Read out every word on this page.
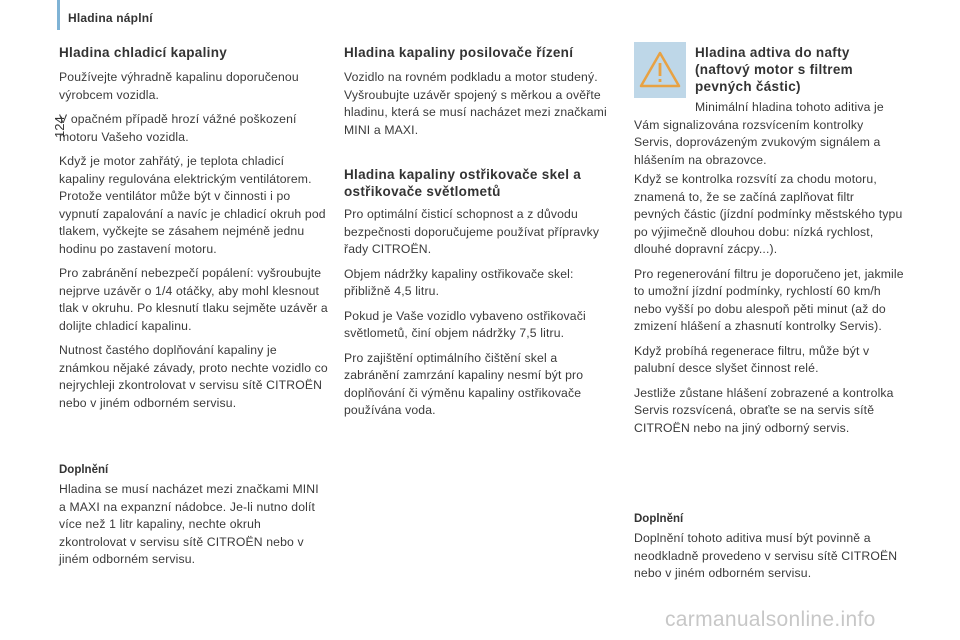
Hladina náplní
124
Hladina chladicí kapaliny

Používejte výhradně kapalinu doporučenou výrobcem vozidla.

V opačném případě hrozí vážné poškození motoru Vašeho vozidla.

Když je motor zahřátý, je teplota chladicí kapaliny regulována elektrickým ventilátorem. Protože ventilátor může být v činnosti i po vypnutí zapalování a navíc je chladicí okruh pod tlakem, vyčkejte se zásahem nejméně jednu hodinu po zastavení motoru.

Pro zabránění nebezpečí popálení: vyšroubujte nejprve uzávěr o 1/4 otáčky, aby mohl klesnout tlak v okruhu. Po klesnutí tlaku sejměte uzávěr a dolijte chladicí kapalinu.

Nutnost častého doplňování kapaliny je známkou nějaké závady, proto nechte vozidlo co nejrychleji zkontrolovat v servisu sítě CITROËN nebo v jiném odborném servisu.

Doplnění

Hladina se musí nacházet mezi značkami MINI a MAXI na expanzní nádobce. Je-li nutno dolít více než 1 litr kapaliny, nechte okruh zkontrolovat v servisu sítě CITROËN nebo v jiném odborném servisu.

Hladina kapaliny posilovače řízení

Vozidlo na rovném podkladu a motor studený. Vyšroubujte uzávěr spojený s měrkou a ověřte hladinu, která se musí nacházet mezi značkami MINI a MAXI.

Hladina kapaliny ostřikovače skel a ostřikovače světlometů

Pro optimální čisticí schopnost a z důvodu bezpečnosti doporučujeme používat přípravky řady CITROËN.

Objem nádržky kapaliny ostřikovače skel: přibližně 4,5 litru.

Pokud je Vaše vozidlo vybaveno ostřikovači světlometů, činí objem nádržky 7,5 litru.

Pro zajištění optimálního čištění skel a zabránění zamrzání kapaliny nesmí být pro doplňování či výměnu kapaliny ostřikovače používána voda.

Hladina adtiva do nafty (naftový motor s filtrem pevných částic)

Minimální hladina tohoto aditiva je Vám signalizována rozsvícením kontrolky Servis, doprovázeným zvukovým signálem a hlášením na obrazovce.

Když se kontrolka rozsvítí za chodu motoru, znamená to, že se začíná zaplňovat filtr pevných částic (jízdní podmínky městského typu po výjimečně dlouhou dobu: nízká rychlost, dlouhé dopravní zácpy...).

Pro regenerování filtru je doporučeno jet, jakmile to umožní jízdní podmínky, rychlostí 60 km/h nebo vyšší po dobu alespoň pěti minut (až do zmizení hlášení a zhasnutí kontrolky Servis).

Když probíhá regenerace filtru, může být v palubní desce slyšet činnost relé.

Jestliže zůstane hlášení zobrazené a kontrolka Servis rozsvícená, obraťte se na servis sítě CITROËN nebo na jiný odborný servis.

Doplnění

Doplnění tohoto aditiva musí být povinně a neodkladně provedeno v servisu sítě CITROËN nebo v jiném odborném servisu.

carmanualsonline.info
